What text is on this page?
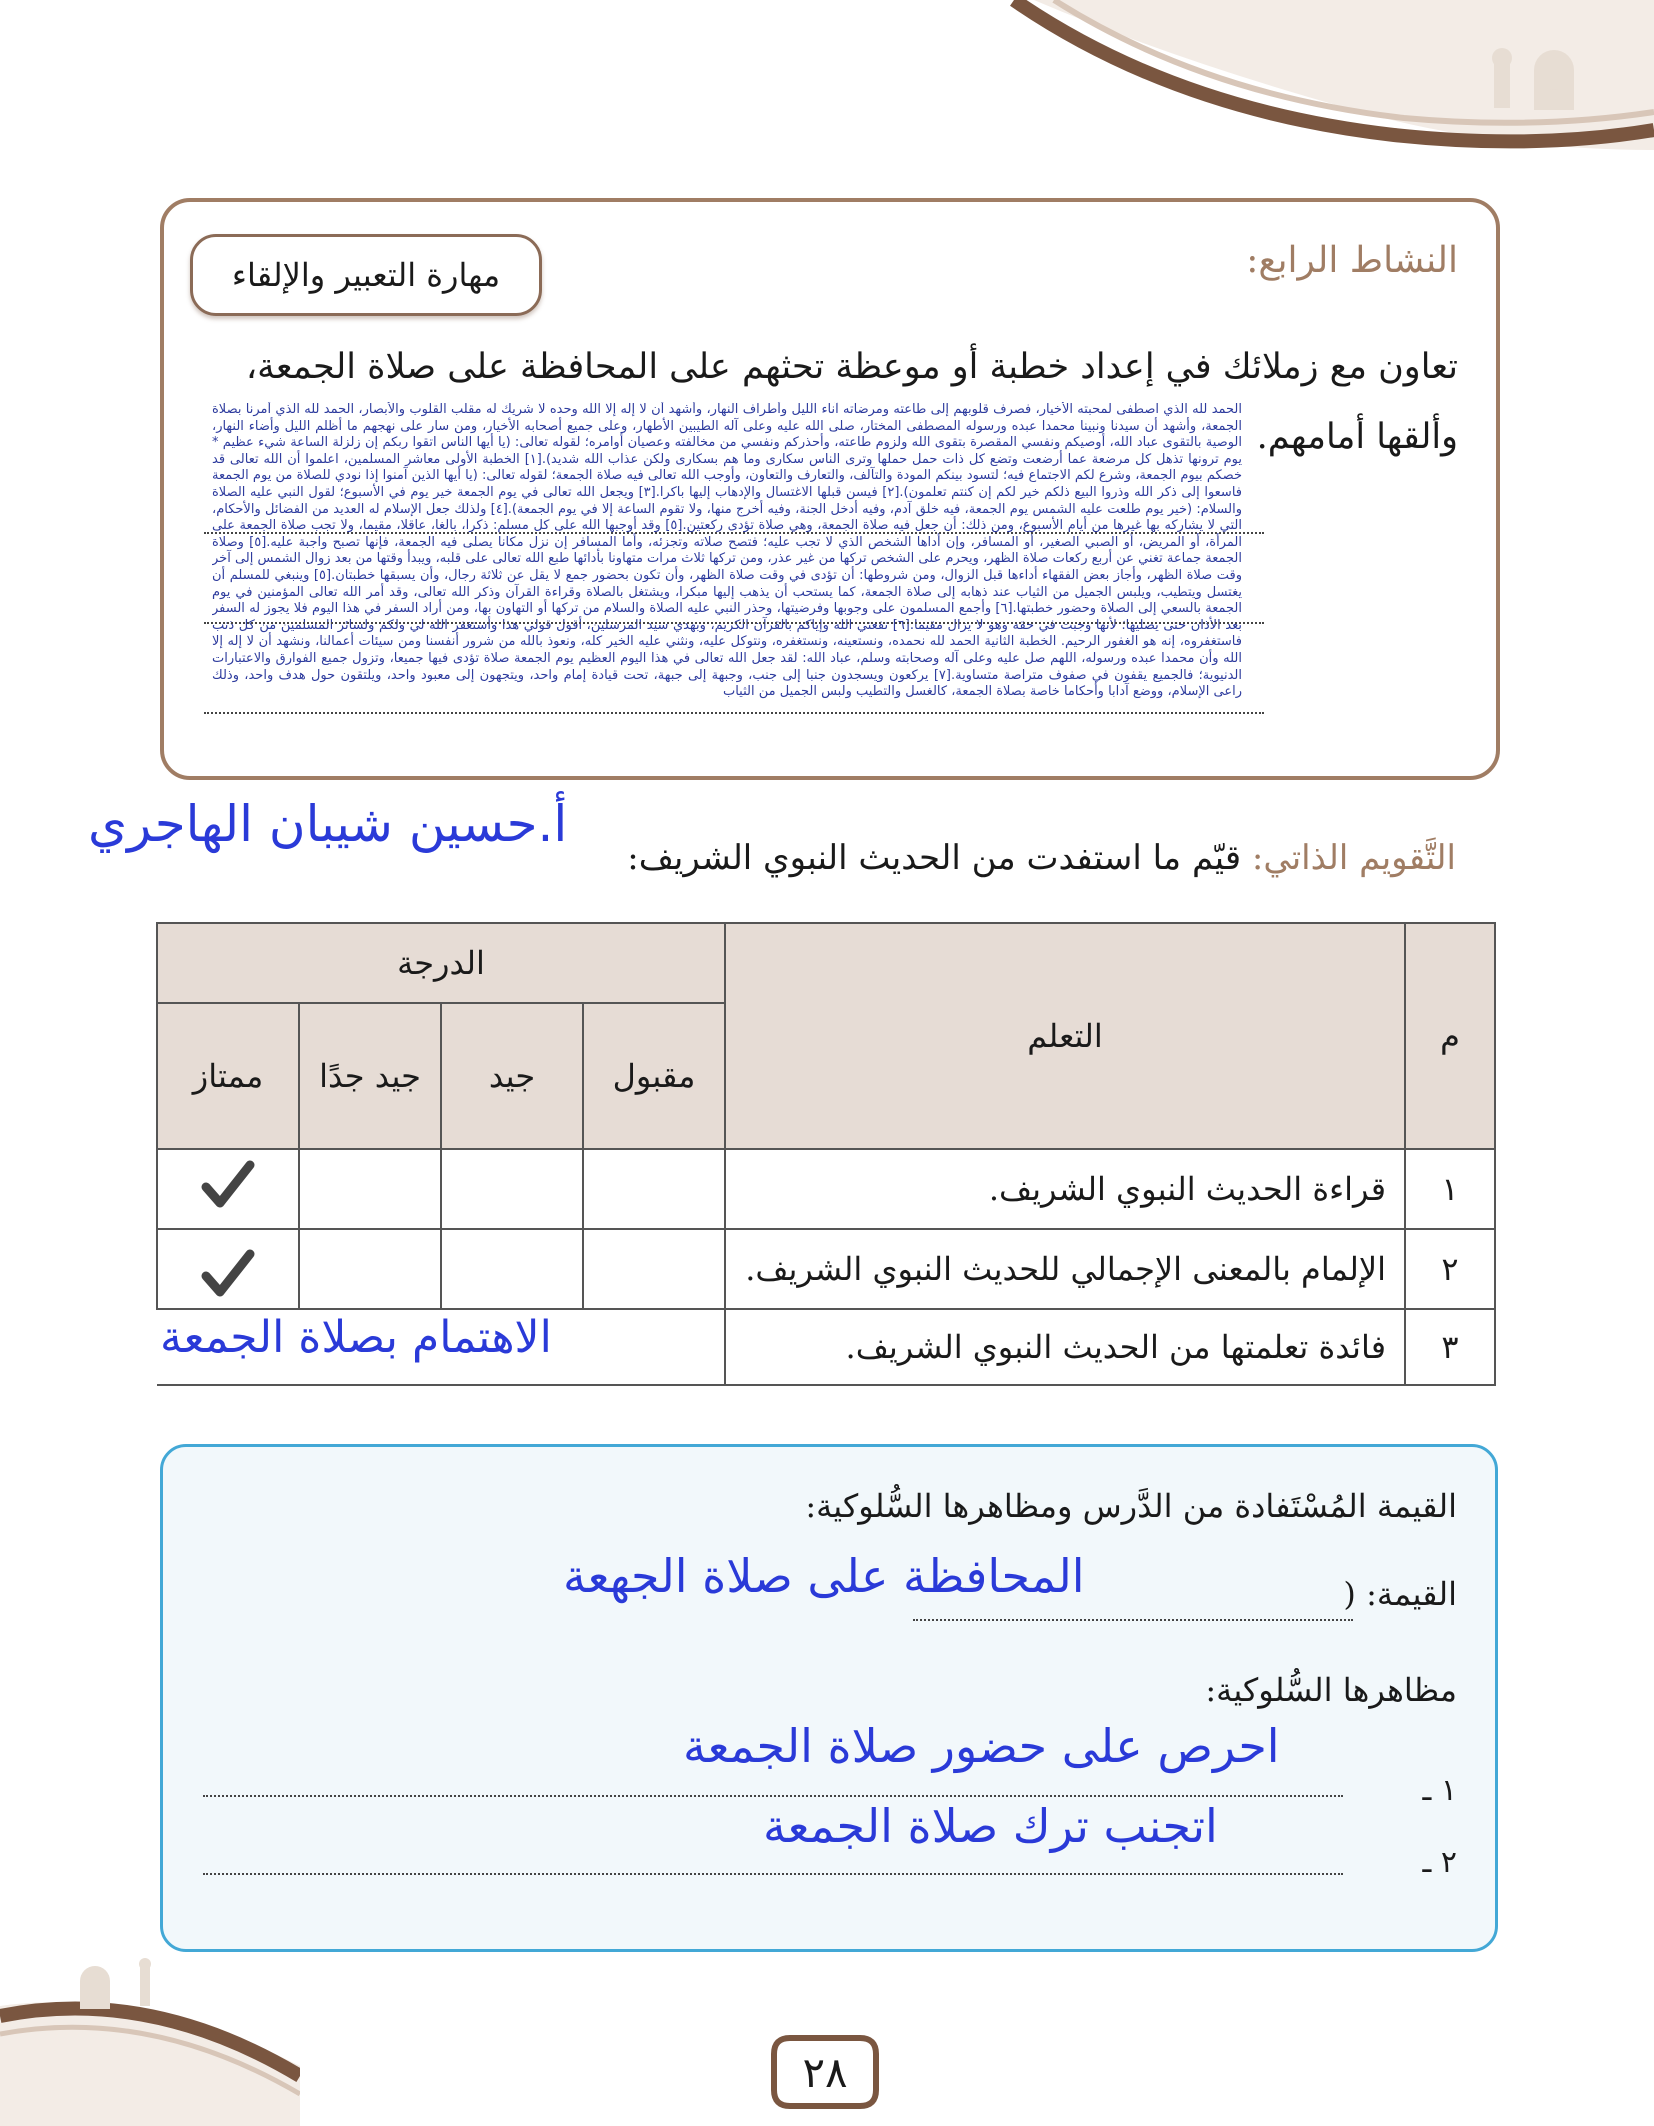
النشاط الرابع:
مهارة التعبير والإلقاء
تعاون مع زملائك في إعداد خطبة أو موعظة تحثهم على المحافظة على صلاة الجمعة، وألقها أمامهم.
الحمد لله الذي اصطفى لمحبته الأخيار، فصرف قلوبهم إلى طاعته ومرضاته آناء الليل وأطراف النهار، وأشهد أن لا إله إلا الله وحده لا شريك له مقلب القلوب والأبصار، الحمد لله الذي أمرنا بصلاة الجمعة، وأشهد أن سيدنا ونبينا محمدا عبده ورسوله المصطفى المختار، صلى الله عليه وعلى آله الطيبين الأطهار، وعلى جميع أصحابه الأخيار، ومن سار على نهجهم ما أظلم الليل وأضاء النهار، الوصية بالتقوى عباد الله، أوصيكم ونفسي المقصرة بتقوى الله ولزوم طاعته، وأحذركم ونفسي من مخالفته وعصيان أوامره؛ لقوله تعالى: (يا أيها الناس اتقوا ربكم إن زلزلة الساعة شيء عظيم * يوم ترونها تذهل كل مرضعة عما أرضعت وتضع كل ذات حمل حملها وترى الناس سكارى وما هم بسكارى ولكن عذاب الله شديد).[١] الخطبة الأولى معاشر المسلمين، اعلموا أن الله تعالى قد خصكم بيوم الجمعة، وشرع لكم الاجتماع فيه؛ لتسود بينكم المودة والتآلف، والتعارف والتعاون، وأوجب الله تعالى فيه صلاة الجمعة؛ لقوله تعالى: (يا أيها الذين آمنوا إذا نودي للصلاة من يوم الجمعة فاسعوا إلى ذكر الله وذروا البيع ذلكم خير لكم إن كنتم تعلمون).[٢] فيسن قبلها الاغتسال والإدهاب إليها باكرا.[٣] ويجعل الله تعالى في يوم الجمعة خير يوم في الأسبوع؛ لقول النبي عليه الصلاة والسلام: (خير يوم طلعت عليه الشمس يوم الجمعة، فيه خلق آدم، وفيه أدخل الجنة، وفيه أخرج منها، ولا تقوم الساعة إلا في يوم الجمعة).[٤] ولذلك جعل الإسلام له العديد من الفضائل والأحكام، التي لا يشاركه بها غيرها من أيام الأسبوع، ومن ذلك: أن جعل فيه صلاة الجمعة، وهي صلاة تؤدى ركعتين.[٥] وقد أوجبها الله على كل مسلم: ذكرا، بالغا، عاقلا، مقيما، ولا تجب صلاة الجمعة على المرأة، أو المريض، أو الصبي الصغير، أو المسافر، وإن أداها الشخص الذي لا تجب عليه؛ فتصح صلاته وتجزئه، وأما المسافر إن نزل مكانا يصلى فيه الجمعة، فإنها تصبح واجبة عليه.[٥] وصلاة الجمعة جماعة تغني عن أربع ركعات صلاة الظهر، ويحرم على الشخص تركها من غير عذر، ومن تركها ثلاث مرات متهاونا بأدائها طبع الله تعالى على قلبه، ويبدأ وقتها من بعد زوال الشمس إلى آخر وقت صلاة الظهر، وأجاز بعض الفقهاء أداءها قبل الزوال، ومن شروطها: أن تؤدى في وقت صلاة الظهر، وأن تكون بحضور جمع لا يقل عن ثلاثة رجال، وأن يسبقها خطبتان.[٥] وينبغي للمسلم أن يغتسل ويتطيب، ويلبس الجميل من الثياب عند ذهابه إلى صلاة الجمعة، كما يستحب أن يذهب إليها مبكرا، ويشتغل بالصلاة وقراءة القرآن وذكر الله تعالى، وقد أمر الله تعالى المؤمنين في يوم الجمعة بالسعي إلى الصلاة وحضور خطبتها.[٦] وأجمع المسلمون على وجوبها وفرضيتها، وحذر النبي عليه الصلاة والسلام من تركها أو التهاون بها، ومن أراد السفر في هذا اليوم فلا يجوز له السفر بعد الأذان حتى يصليها؛ لأنها وجبت في حقه وهو لا يزال مقيما.[٦] نفعني الله وإياكم بالقرآن الكريم، وبهدي سيد المرسلين، أقول قولي هذا وأستغفر الله لي ولكم ولسائر المسلمين من كل ذنب فاستغفروه، إنه هو الغفور الرحيم. الخطبة الثانية الحمد لله نحمده، ونستعينه، ونستغفره، ونتوكل عليه، ونثني عليه الخير كله، ونعوذ بالله من شرور أنفسنا ومن سيئات أعمالنا، ونشهد أن لا إله إلا الله وأن محمدا عبده ورسوله، اللهم صل عليه وعلى آله وصحابته وسلم، عباد الله: لقد جعل الله تعالى في هذا اليوم العظيم يوم الجمعة صلاة تؤدى فيها جميعا، وتزول جميع الفوارق والاعتبارات الدنيوية؛ فالجميع يقفون في صفوف متراصة متساوية.[٧] يركعون ويسجدون جنبا إلى جنب، وجبهة إلى جبهة، تحت قيادة إمام واحد، ويتجهون إلى معبود واحد، ويلتقون حول هدف واحد، وذلك راعى الإسلام، ووضع آدابا وأحكاما خاصة بصلاة الجمعة، كالغسل والتطيب ولبس الجميل من الثياب
أ.حسين شيبان الهاجري
التَّقويم الذاتي: قيّم ما استفدت من الحديث النبوي الشريف:
م	التعلم	الدرجة			
		مقبول	جيد	جيد جدًا	ممتاز
١	قراءة الحديث النبوي الشريف.				
٢	الإلمام بالمعنى الإجمالي للحديث النبوي الشريف.				
٣	فائدة تعلمتها من الحديث النبوي الشريف.				
الاهتمام بصلاة الجمعة
القيمة المُسْتَفادة من الدَّرس ومظاهرها السُّلوكية:
القيمة: (
المحافظة على صلاة الجهعة
مظاهرها السُّلوكية:
١ ـ
احرص على حضور صلاة الجمعة
٢ ـ
اتجنب ترك صلاة الجمعة
٢٨
